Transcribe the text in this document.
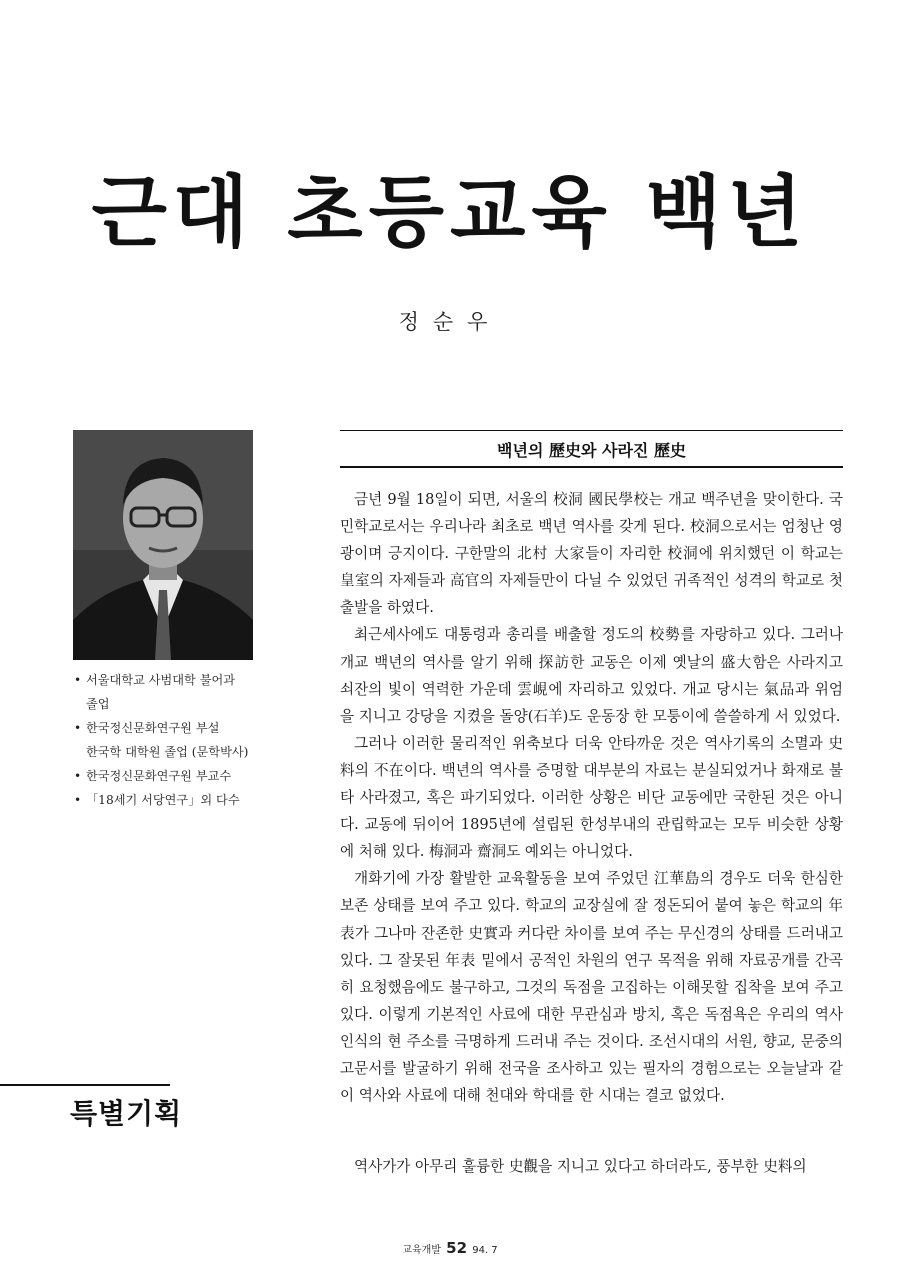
근대 초등교육 백년
정순우
• 서울대학교 사범대학 불어과
졸업
• 한국정신문화연구원 부설
한국학 대학원 졸업 (문학박사)
• 한국정신문화연구원 부교수
• 「18세기 서당연구」외 다수
특별기획
백년의 歷史와 사라진 歷史

금년 9월 18일이 되면, 서울의 校洞 國民學校는 개교 백주년을 맞이한다. 국민학교로서는 우리나라 최초로 백년 역사를 갖게 된다. 校洞으로서는 엄청난 영광이며 긍지이다. 구한말의 北村 大家들이 자리한 校洞에 위치했던 이 학교는 皇室의 자제들과 高官의 자제들만이 다닐 수 있었던 귀족적인 성격의 학교로 첫 출발을 하였다.

최근세사에도 대통령과 총리를 배출할 정도의 校勢를 자랑하고 있다. 그러나 개교 백년의 역사를 알기 위해 探訪한 교동은 이제 옛날의 盛大함은 사라지고 쇠잔의 빛이 역력한 가운데 雲峴에 자리하고 있었다. 개교 당시는 氣品과 위엄을 지니고 강당을 지켰을 돌양(石羊)도 운동장 한 모퉁이에 쓸쓸하게 서 있었다.

그러나 이러한 물리적인 위축보다 더욱 안타까운 것은 역사기록의 소멸과 史料의 不在이다. 백년의 역사를 증명할 대부분의 자료는 분실되었거나 화재로 불타 사라졌고, 혹은 파기되었다. 이러한 상황은 비단 교동에만 국한된 것은 아니다. 교동에 뒤이어 1895년에 설립된 한성부내의 관립학교는 모두 비슷한 상황에 처해 있다. 梅洞과 齋洞도 예외는 아니었다.

개화기에 가장 활발한 교육활동을 보여 주었던 江華島의 경우도 더욱 한심한 보존 상태를 보여 주고 있다. 학교의 교장실에 잘 정돈되어 붙여 놓은 학교의 年表가 그나마 잔존한 史實과 커다란 차이를 보여 주는 무신경의 상태를 드러내고 있다. 그 잘못된 年表 밑에서 공적인 차원의 연구 목적을 위해 자료공개를 간곡히 요청했음에도 불구하고, 그것의 독점을 고집하는 이해못할 집착을 보여 주고 있다. 이렇게 기본적인 사료에 대한 무관심과 방치, 혹은 독점욕은 우리의 역사인식의 현 주소를 극명하게 드러내 주는 것이다. 조선시대의 서원, 향교, 문중의 고문서를 발굴하기 위해 전국을 조사하고 있는 필자의 경험으로는 오늘날과 같이 역사와 사료에 대해 천대와 학대를 한 시대는 결코 없었다.

역사가가 아무리 훌륭한 史觀을 지니고 있다고 하더라도, 풍부한 史料의
교육개발 52 94. 7
